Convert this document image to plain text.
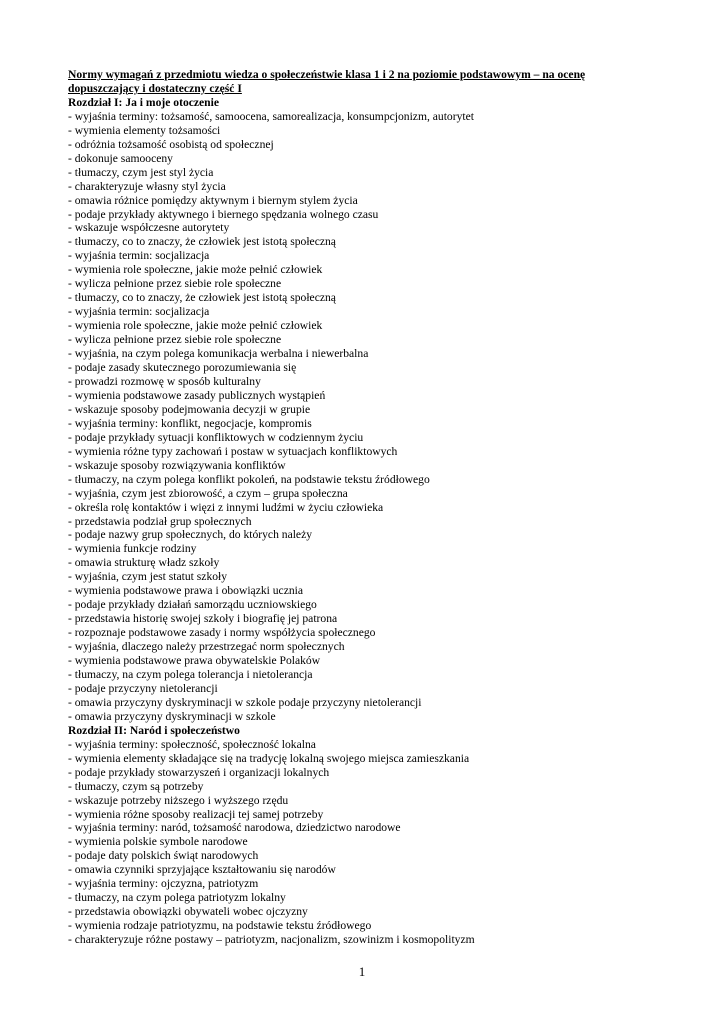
Normy wymagań z przedmiotu wiedza o społeczeństwie klasa 1 i 2 na poziomie podstawowym – na ocenę
dopuszczający i dostateczny część I
Rozdział I: Ja i moje otoczenie
- wyjaśnia terminy: tożsamość, samoocena, samorealizacja, konsumpcjonizm, autorytet
- wymienia elementy tożsamości
- odróżnia tożsamość osobistą od społecznej
- dokonuje samooceny
- tłumaczy, czym jest styl życia
- charakteryzuje własny styl życia
- omawia różnice pomiędzy aktywnym i biernym stylem życia
- podaje przykłady aktywnego i biernego spędzania wolnego czasu
- wskazuje współczesne autorytety
- tłumaczy, co to znaczy, że człowiek jest istotą społeczną
- wyjaśnia termin: socjalizacja
- wymienia role społeczne, jakie może pełnić człowiek
- wylicza pełnione przez siebie role społeczne
- tłumaczy, co to znaczy, że człowiek jest istotą społeczną
- wyjaśnia termin: socjalizacja
- wymienia role społeczne, jakie może pełnić człowiek
- wylicza pełnione przez siebie role społeczne
- wyjaśnia, na czym polega komunikacja werbalna i niewerbalna
- podaje zasady skutecznego porozumiewania się
- prowadzi rozmowę w sposób kulturalny
- wymienia podstawowe zasady publicznych wystąpień
- wskazuje sposoby podejmowania decyzji w grupie
- wyjaśnia terminy: konflikt, negocjacje, kompromis
- podaje przykłady sytuacji konfliktowych w codziennym życiu
- wymienia różne typy zachowań i postaw w sytuacjach konfliktowych
- wskazuje sposoby rozwiązywania konfliktów
- tłumaczy, na czym polega konflikt pokoleń, na podstawie tekstu źródłowego
- wyjaśnia, czym jest zbiorowość, a czym – grupa społeczna
- określa rolę kontaktów i więzi z innymi ludźmi w życiu człowieka
- przedstawia podział grup społecznych
- podaje nazwy grup społecznych, do których należy
- wymienia funkcje rodziny
- omawia strukturę władz szkoły
- wyjaśnia, czym jest statut szkoły
- wymienia podstawowe prawa i obowiązki ucznia
- podaje przykłady działań samorządu uczniowskiego
- przedstawia historię swojej szkoły i biografię jej patrona
- rozpoznaje podstawowe zasady i normy współżycia społecznego
- wyjaśnia, dlaczego należy przestrzegać norm społecznych
- wymienia podstawowe prawa obywatelskie Polaków
- tłumaczy, na czym polega tolerancja i nietolerancja
- podaje przyczyny nietolerancji
- omawia przyczyny dyskryminacji w szkole podaje przyczyny nietolerancji
- omawia przyczyny dyskryminacji w szkole
Rozdział II: Naród i społeczeństwo
- wyjaśnia terminy: społeczność, społeczność lokalna
- wymienia elementy składające się na tradycję lokalną swojego miejsca zamieszkania
- podaje przykłady stowarzyszeń i organizacji lokalnych
- tłumaczy, czym są potrzeby
- wskazuje potrzeby niższego i wyższego rzędu
- wymienia różne sposoby realizacji tej samej potrzeby
- wyjaśnia terminy: naród, tożsamość narodowa, dziedzictwo narodowe
- wymienia polskie symbole narodowe
- podaje daty polskich świąt narodowych
- omawia czynniki sprzyjające kształtowaniu się narodów
- wyjaśnia terminy: ojczyzna, patriotyzm
- tłumaczy, na czym polega patriotyzm lokalny
- przedstawia obowiązki obywateli wobec ojczyzny
- wymienia rodzaje patriotyzmu, na podstawie tekstu źródłowego
- charakteryzuje różne postawy – patriotyzm, nacjonalizm, szowinizm i kosmopolityzm
1
